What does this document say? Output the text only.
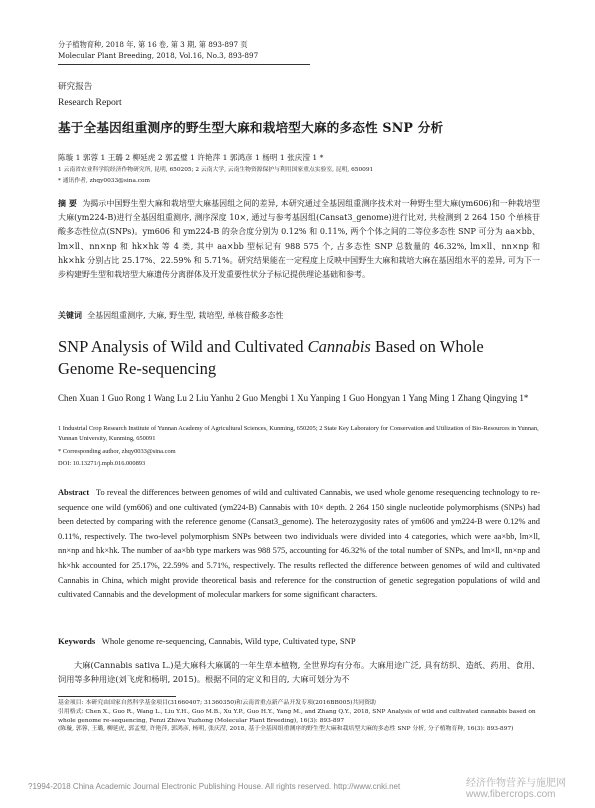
分子植物育种, 2018 年, 第 16 卷, 第 3 期, 第 893-897 页
Molecular Plant Breeding, 2018, Vol.16, No.3, 893-897
研究报告
Research Report
基于全基因组重测序的野生型大麻和栽培型大麻的多态性 SNP 分析
陈璇 1 郭蓉 1 王璐 2 柳延虎 2 郭孟璧 1 许艳萍 1 郭鸿彦 1 杨明 1 张庆滢 1 *
1 云南省农业科学院经济作物研究所, 昆明, 650205; 2 云南大学, 云南生物资源保护与利用国家重点实验室, 昆明, 650091
* 通讯作者, zhqy0033@sina.com
摘 要 为揭示中国野生型大麻和栽培型大麻基因组之间的差异, 本研究通过全基因组重测序技术对一种野生型大麻(ym606)和一种栽培型大麻(ym224-B)进行全基因组重测序, 测序深度 10×, 通过与参考基因组(Cansat3_genome)进行比对, 共检测到 2 264 150 个单核苷酸多态性位点(SNPs)。ym606 和 ym224-B 的杂合度分别为 0.12% 和 0.11%, 两个个体之间的二等位多态性 SNP 可分为 aa×bb、lm×ll、nn×np 和 hk×hk 等 4 类, 其中 aa×bb 型标记有 988 575 个, 占多态性 SNP 总数量的 46.32%, lm×ll、nn×np 和 hk×hk 分别占比 25.17%、22.59% 和 5.71%。研究结果能在一定程度上反映中国野生大麻和栽培大麻在基因组水平的差异, 可为下一步构建野生型和栽培型大麻遗传分离群体及开发重要性状分子标记提供理论基础和参考。
关键词 全基因组重测序, 大麻, 野生型, 栽培型, 单核苷酸多态性
SNP Analysis of Wild and Cultivated Cannabis Based on Whole Genome Re-sequencing
Chen Xuan 1 Guo Rong 1 Wang Lu 2 Liu Yanhu 2 Guo Mengbi 1 Xu Yanping 1 Guo Hongyan 1 Yang Ming 1 Zhang Qingying 1*
1 Industrial Crop Research Institute of Yunnan Academy of Agricultural Sciences, Kunming, 650205; 2 State Key Laboratory for Conservation and Utilization of Bio-Resources in Yunnan, Yunnan University, Kunming, 650091
* Corresponding author, zhqy0033@sina.com
DOI: 10.13271/j.mpb.016.000893
Abstract To reveal the differences between genomes of wild and cultivated Cannabis, we used whole genome resequencing technology to re-sequence one wild (ym606) and one cultivated (ym224-B) Cannabis with 10× depth. 2 264 150 single nucleotide polymorphisms (SNPs) had been detected by comparing with the reference genome (Cansat3_genome). The heterozygosity rates of ym606 and ym224-B were 0.12% and 0.11%, respectively. The two-level polymorphism SNPs between two individuals were divided into 4 categories, which were aa×bb, lm×ll, nn×np and hk×hk. The number of aa×bb type markers was 988 575, accounting for 46.32% of the total number of SNPs, and lm×ll, nn×np and hk×hk accounted for 25.17%, 22.59% and 5.71%, respectively. The results reflected the difference between genomes of wild and cultivated Cannabis in China, which might provide theoretical basis and reference for the construction of genetic segregation populations of wild and cultivated Cannabis and the development of molecular markers for some significant characters.
Keywords Whole genome re-sequencing, Cannabis, Wild type, Cultivated type, SNP
大麻(Cannabis sativa L.)是大麻科大麻属的一年生草本植物, 全世界均有分布。大麻用途广泛, 具有纺织、造纸、药用、食用、饲用等多种用途(刘飞虎和杨明, 2015)。根据不同的定义和目的, 大麻可划分为不
基金项目: 本研究由国家自然科学基金项目(31660407; 31360350)和云南省重点新产品开发专项(2016BB005)共同资助
引用格式: Chen X., Guo R., Wang L., Liu Y.H., Guo M.B., Xu Y.P., Guo H.Y., Yang M., and Zhang Q.Y., 2018, SNP Analysis of wild and cultivated cannabis based on whole genome re-sequencing, Fenzi Zhiwu Yuzhong (Molecular Plant Breeding), 16(3): 893-897
(陈璇, 郭蓉, 王璐, 柳延虎, 郭孟璧, 许艳萍, 郭鸿彦, 杨明, 张庆滢, 2018, 基于全基因组重测序的野生型大麻和栽培型大麻的多态性 SNP 分析, 分子植物育种, 16(3): 893-897)
?1994-2018 China Academic Journal Electronic Publishing House. All rights reserved. http://www.cnki.net	经济作物营养与施肥网
www.fibercrops.com
